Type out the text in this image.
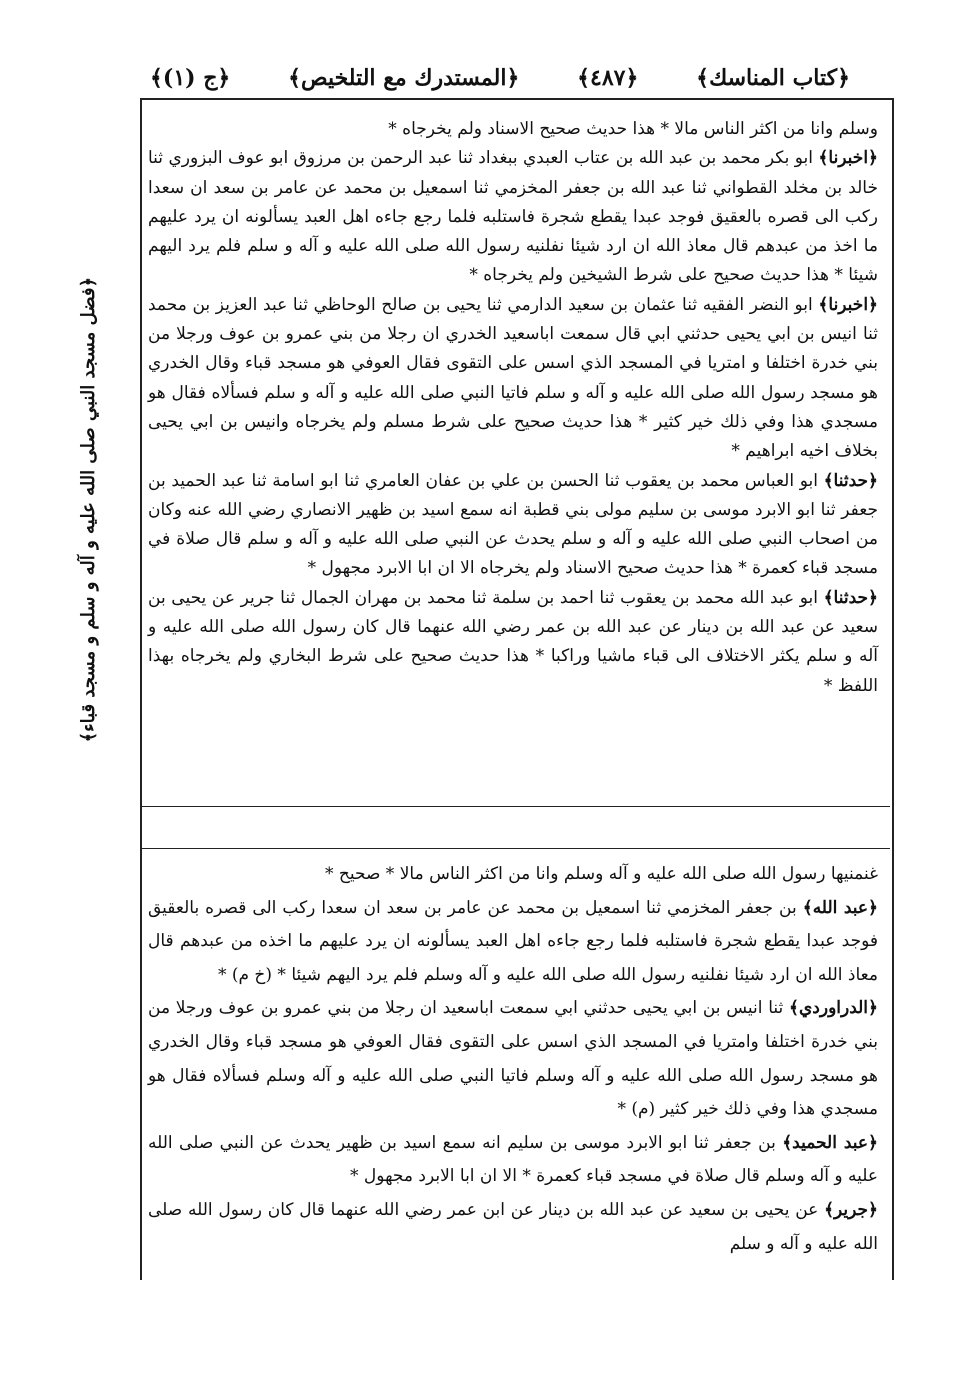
﴿كتاب المناسك﴾
﴿٤٨٧﴾
﴿المستدرك مع التلخيص﴾
﴿ج (١)﴾
﴿فضل مسجد النبي صلى الله عليه و آله و سلم و مسجد قباء﴾

وسلم وانا من اكثر الناس مالا * هذا حديث صحيح الاسناد ولم يخرجاه *

﴿اخبرنا﴾ ابو بكر محمد بن عبد الله بن عتاب العبدي ببغداد ثنا عبد الرحمن بن مرزوق ابو عوف البزوري ثنا خالد بن مخلد القطواني ثنا عبد الله بن جعفر المخزمي ثنا اسمعيل بن محمد عن عامر بن سعد ان سعدا ركب الى قصره بالعقيق فوجد عبدا يقطع شجرة فاستلبه فلما رجع جاءه اهل العبد يسألونه ان يرد عليهم ما اخذ من عبدهم قال معاذ الله ان ارد شيئا نفلنيه رسول الله صلى الله عليه و آله و سلم فلم يرد اليهم شيئا * هذا حديث صحيح على شرط الشيخين ولم يخرجاه *

﴿اخبرنا﴾ ابو النضر الفقيه ثنا عثمان بن سعيد الدارمي ثنا يحيى بن صالح الوحاظي ثنا عبد العزيز بن محمد ثنا انيس بن ابي يحيى حدثني ابي قال سمعت اباسعيد الخدري ان رجلا من بني عمرو بن عوف ورجلا من بني خدرة اختلفا و امتريا في المسجد الذي اسس على التقوى فقال العوفي هو مسجد قباء وقال الخدري هو مسجد رسول الله صلى الله عليه و آله و سلم فاتيا النبي صلى الله عليه و آله و سلم فسألاه فقال هو مسجدي هذا وفي ذلك خير كثير * هذا حديث صحيح على شرط مسلم ولم يخرجاه وانيس بن ابي يحيى بخلاف اخيه ابراهيم *

﴿حدثنا﴾ ابو العباس محمد بن يعقوب ثنا الحسن بن علي بن عفان العامري ثنا ابو اسامة ثنا عبد الحميد بن جعفر ثنا ابو الابرد موسى بن سليم مولى بني قطبة انه سمع اسيد بن ظهير الانصاري رضي الله عنه وكان من اصحاب النبي صلى الله عليه و آله و سلم يحدث عن النبي صلى الله عليه و آله و سلم قال صلاة في مسجد قباء كعمرة * هذا حديث صحيح الاسناد ولم يخرجاه الا ان ابا الابرد مجهول *

﴿حدثنا﴾ ابو عبد الله محمد بن يعقوب ثنا احمد بن سلمة ثنا محمد بن مهران الجمال ثنا جرير عن يحيى بن سعيد عن عبد الله بن دينار عن عبد الله بن عمر رضي الله عنهما قال كان رسول الله صلى الله عليه و آله و سلم يكثر الاختلاف الى قباء ماشيا وراكبا * هذا حديث صحيح على شرط البخاري ولم يخرجاه بهذا اللفظ *

غنمنيها رسول الله صلى الله عليه و آله وسلم وانا من اكثر الناس مالا * صحيح *

﴿عبد الله﴾ بن جعفر المخزمي ثنا اسمعيل بن محمد عن عامر بن سعد ان سعدا ركب الى قصره بالعقيق فوجد عبدا يقطع شجرة فاستلبه فلما رجع جاءه اهل العبد يسألونه ان يرد عليهم ما اخذه من عبدهم قال معاذ الله ان ارد شيئا نفلنيه رسول الله صلى الله عليه و آله وسلم فلم يرد اليهم شيئا * (خ م) *

﴿الدراوردي﴾ ثنا انيس بن ابي يحيى حدثني ابي سمعت اباسعيد ان رجلا من بني عمرو بن عوف ورجلا من بني خدرة اختلفا وامتريا في المسجد الذي اسس على التقوى فقال العوفي هو مسجد قباء وقال الخدري هو مسجد رسول الله صلى الله عليه و آله وسلم فاتيا النبي صلى الله عليه و آله وسلم فسألاه فقال هو مسجدي هذا وفي ذلك خير كثير (م) *

﴿عبد الحميد﴾ بن جعفر ثنا ابو الابرد موسى بن سليم انه سمع اسيد بن ظهير يحدث عن النبي صلى الله عليه و آله وسلم قال صلاة في مسجد قباء كعمرة * الا ان ابا الابرد مجهول *

﴿جرير﴾ عن يحيى بن سعيد عن عبد الله بن دينار عن ابن عمر رضي الله عنهما قال كان رسول الله صلى الله عليه و آله و سلم
